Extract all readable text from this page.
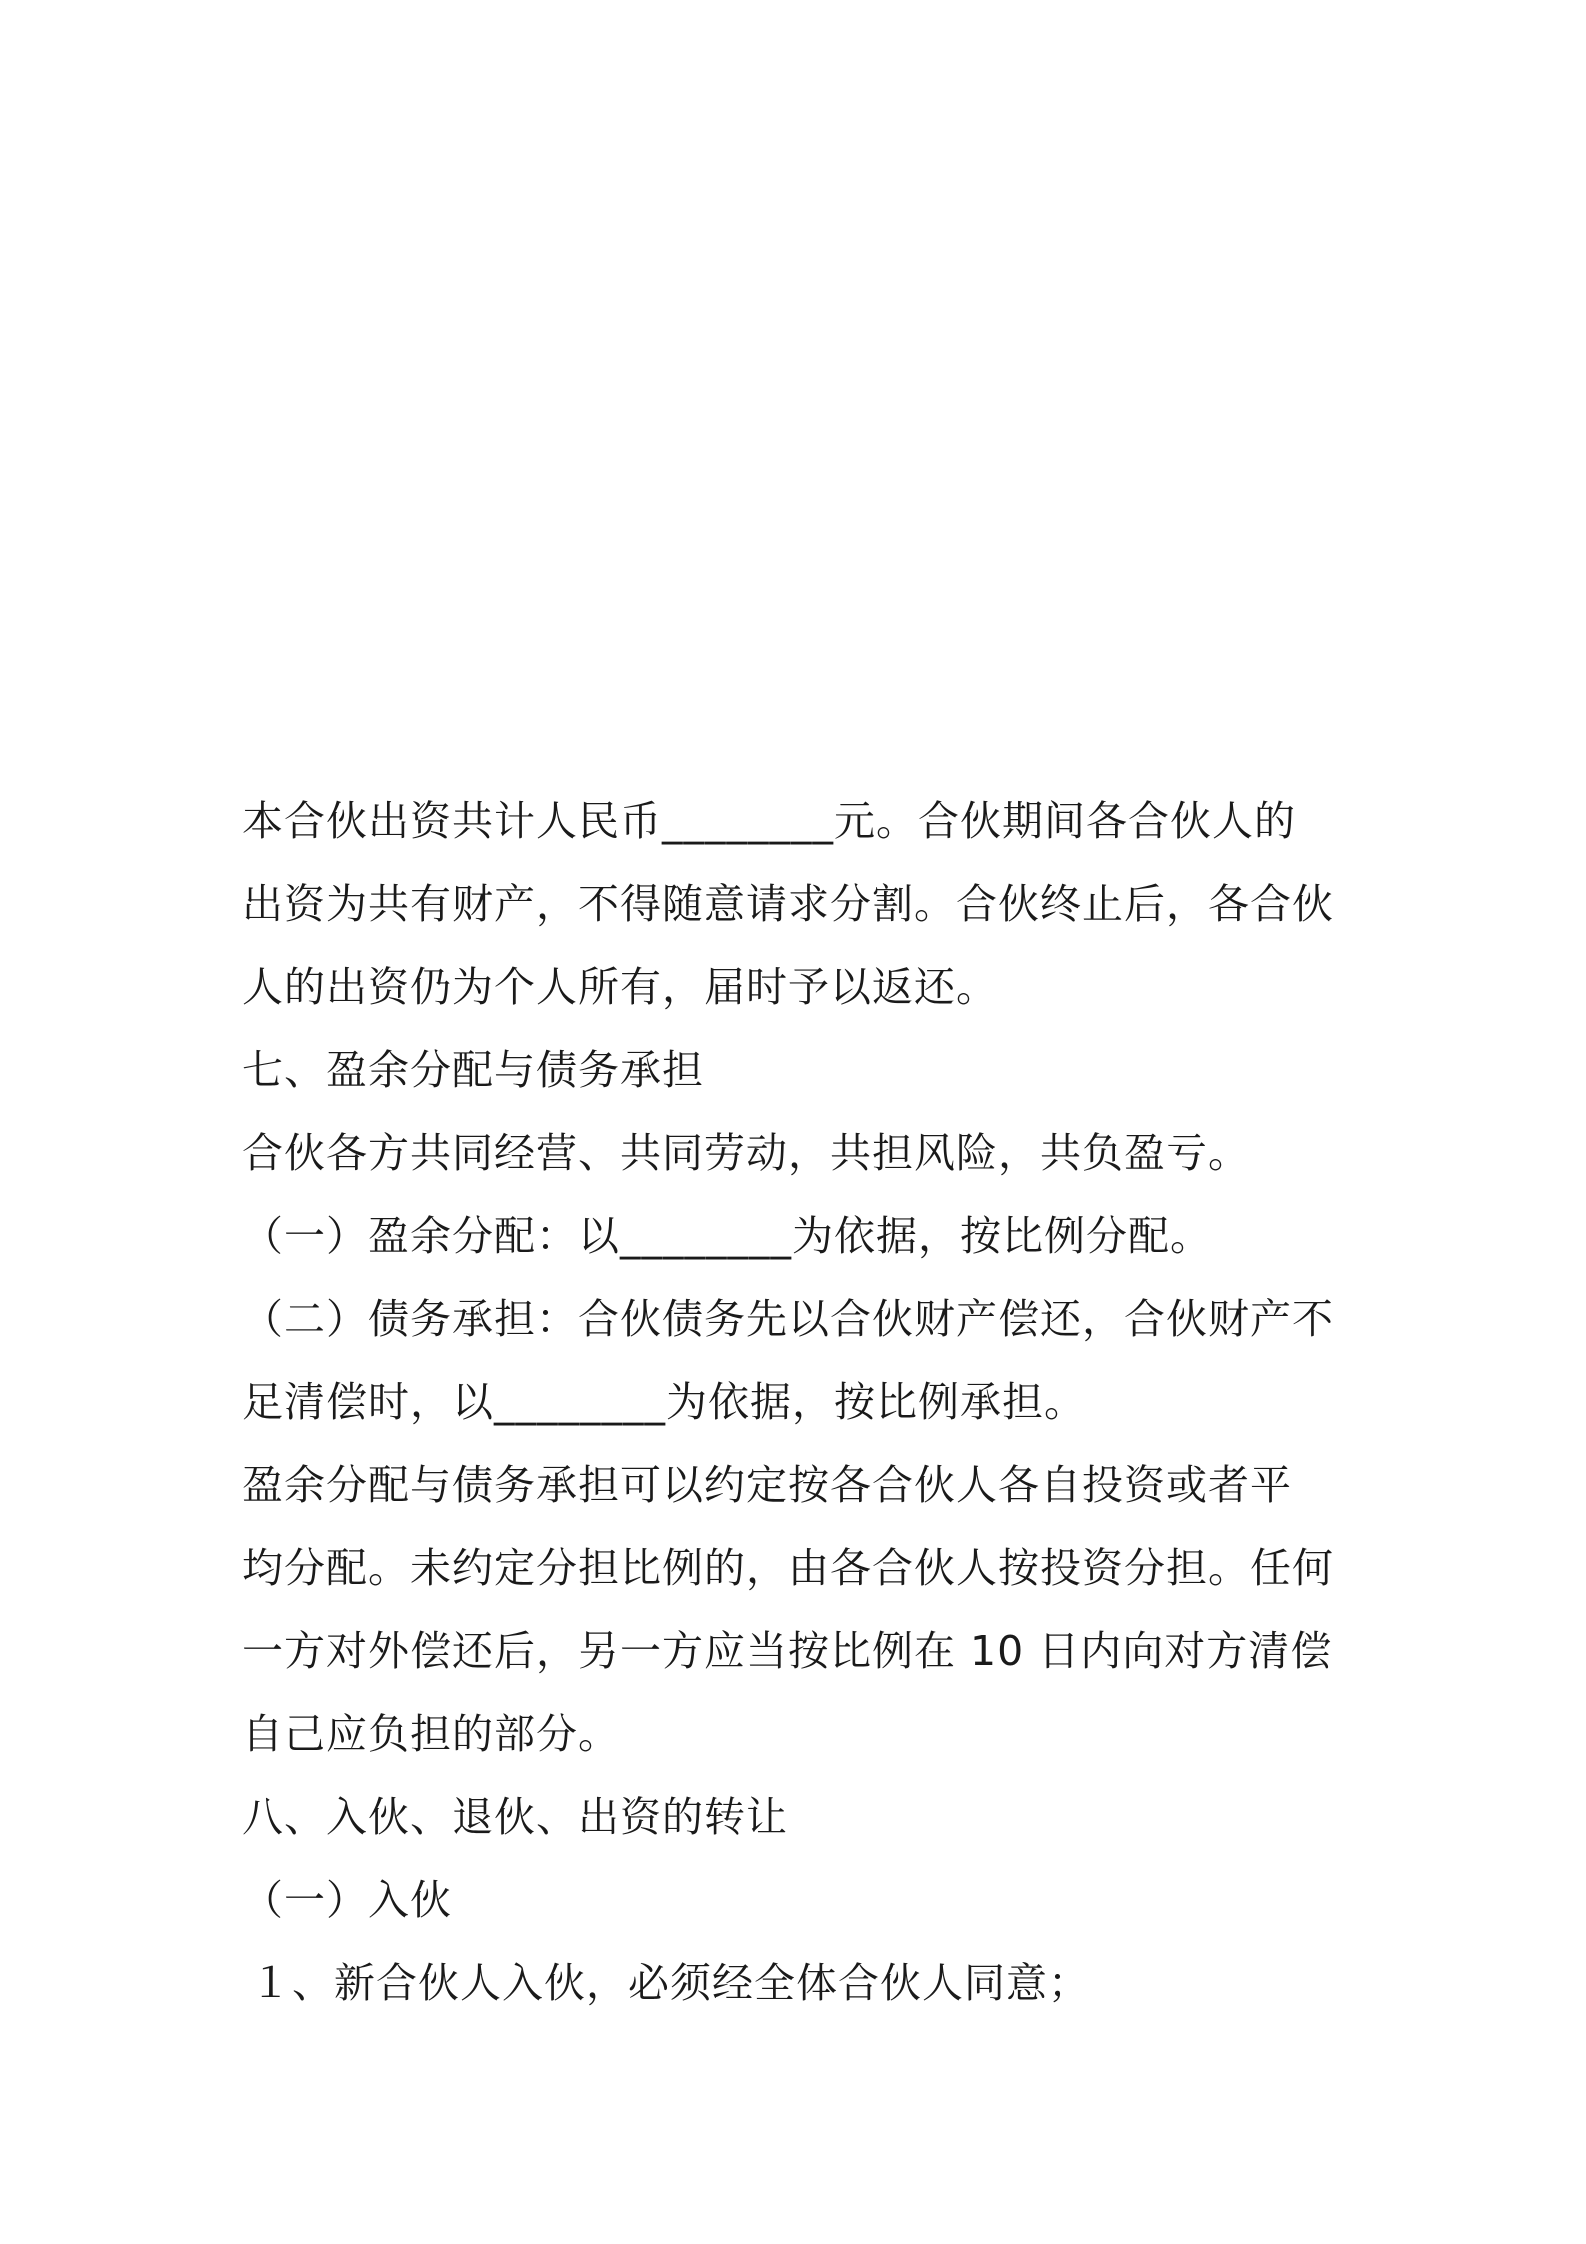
本合伙出资共计人民币________元。合伙期间各合伙人的
出资为共有财产，不得随意请求分割。合伙终止后，各合伙
人的出资仍为个人所有，届时予以返还。
七、盈余分配与债务承担
合伙各方共同经营、共同劳动，共担风险，共负盈亏。
（一）盈余分配：以________为依据，按比例分配。
（二）债务承担：合伙债务先以合伙财产偿还，合伙财产不
足清偿时，以________为依据，按比例承担。
盈余分配与债务承担可以约定按各合伙人各自投资或者平
均分配。未约定分担比例的，由各合伙人按投资分担。任何
一方对外偿还后，另一方应当按比例在 10 日内向对方清偿
自己应负担的部分。
八、入伙、退伙、出资的转让
（一）入伙
１、新合伙人入伙，必须经全体合伙人同意；
